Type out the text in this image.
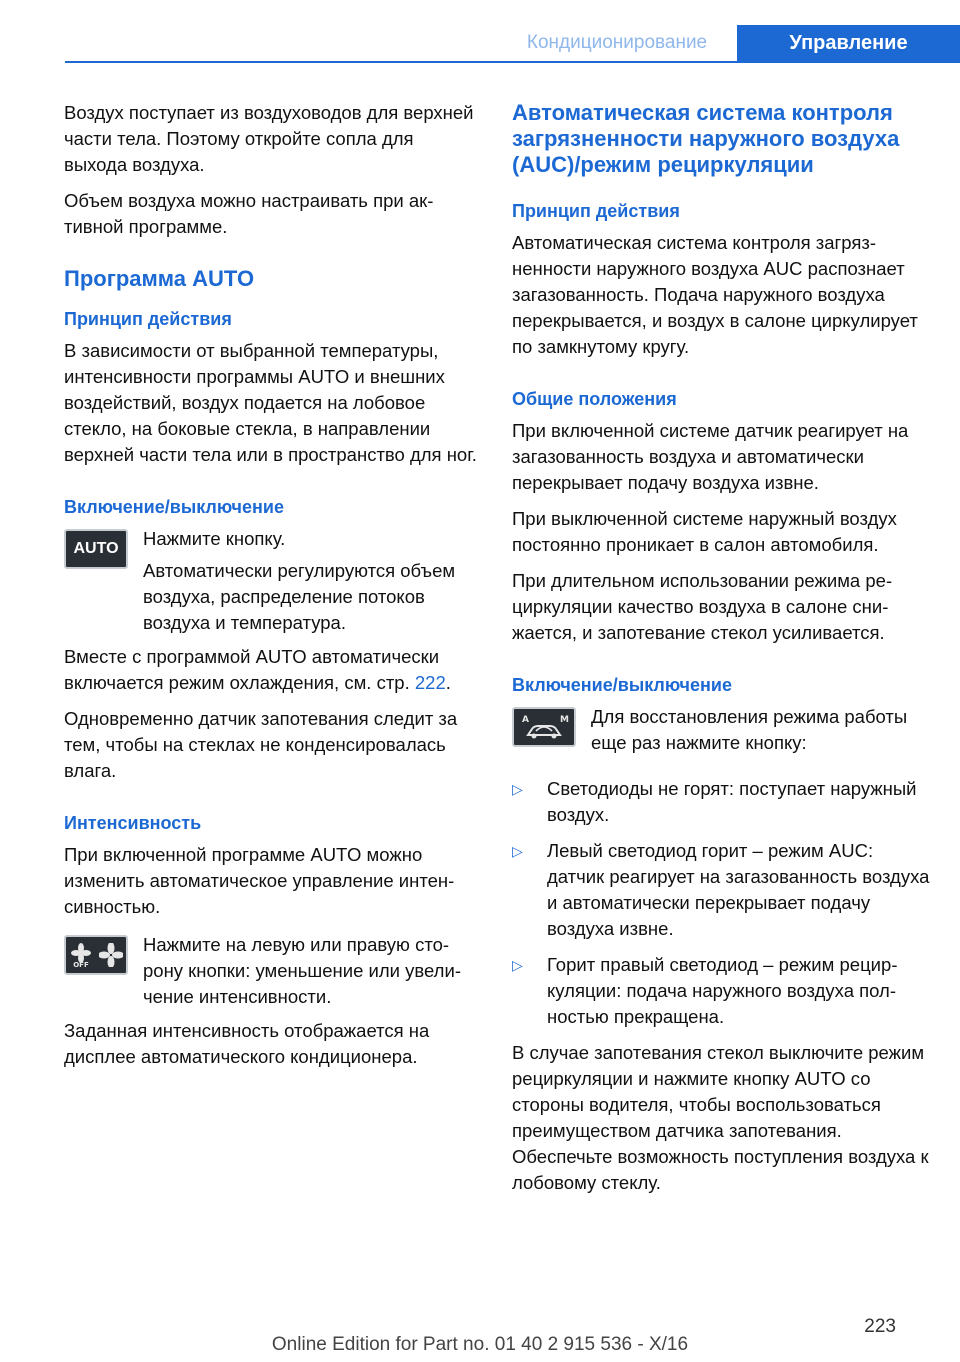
Кондиционирование	Управление

Воздух поступает из воздуховодов для верхней части тела. Поэтому откройте сопла для выхода воздуха.

Объем воздуха можно настраивать при активной программе.

Программа AUTO
Принцип действия

В зависимости от выбранной температуры, интенсивности программы AUTO и внешних воздействий, воздух подается на лобовое стекло, на боковые стекла, в направлении верхней части тела или в пространство для ног.

Включение/выключение
AUTO Нажмите кнопку.

Автоматически регулируются объем воздуха, распределение потоков воздуха и температура.

Вместе с программой AUTO автоматически включается режим охлаждения, см. стр. 222.

Одновременно датчик запотевания следит за тем, чтобы на стеклах не конденсировалась влага.

Интенсивность

При включенной программе AUTO можно изменить автоматическое управление интенсивностью.

OFF

Нажмите на левую или правую сторону кнопки: уменьшение или увеличение интенсивности.

Заданная интенсивность отображается на дисплее автоматического кондиционера.

Автоматическая система контроля загрязненности наружного воздуха (AUC)/режим рециркуляции
Принцип действия

Автоматическая система контроля загрязненности наружного воздуха AUC распознает загазованность. Подача наружного воздуха перекрывается, и воздух в салоне циркулирует по замкнутому кругу.

Общие положения

При включенной системе датчик реагирует на загазованность воздуха и автоматически перекрывает подачу воздуха извне.

При выключенной системе наружный воздух постоянно проникает в салон автомобиля.

При длительном использовании режима рециркуляции качество воздуха в салоне снижается, и запотевание стекол усиливается.

Включение/выключение
A	M Для восстановления режима работы еще раз нажмите кнопку:

▷ Светодиоды не горят: поступает наружный воздух.
▷ Левый светодиод горит – режим AUC: датчик реагирует на загазованность воздуха и автоматически перекрывает подачу воздуха извне.
▷ Горит правый светодиод – режим рециркуляции: подача наружного воздуха полностью прекращена.

В случае запотевания стекол выключите режим рециркуляции и нажмите кнопку AUTO со стороны водителя, чтобы воспользоваться преимуществом датчика запотевания. Обеспечьте возможность поступления воздуха к лобовому стеклу.

223
Online Edition for Part no. 01 40 2 915 536 - X/16
